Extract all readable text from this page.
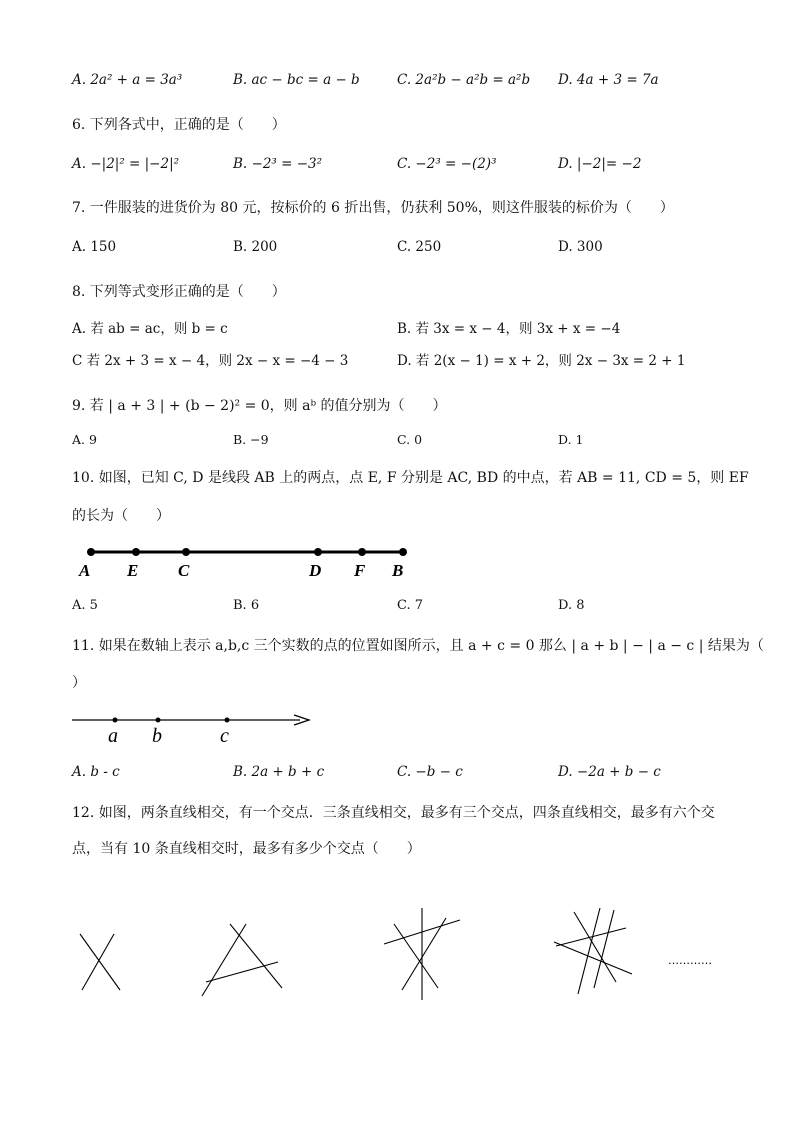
A. 2a² + a = 3a³	B. ac − bc = a − b	C. 2a²b − a²b = a²b D. 4a + 3 = 7a
6. 下列各式中，正确的是（　　）
A. −|2|² = |−2|²	B. −2³ = −3²	C. −2³ = −(2)³	D. |−2|= −2
7. 一件服装的进货价为 80 元，按标价的 6 折出售，仍获利 50%，则这件服装的标价为（　　）
A. 150	B. 200	C. 250	D. 300
8. 下列等式变形正确的是（　　）
A. 若 ab = ac，则 b = c	B. 若 3x = x − 4，则 3x + x = −4
C 若 2x + 3 = x − 4，则 2x − x = −4 − 3	D. 若 2(x − 1) = x + 2，则 2x − 3x = 2 + 1
9. 若 | a + 3 | + (b − 2)² = 0，则 aᵇ 的值分别为（　　）
A. 9	B. −9	C. 0	D. 1
10. 如图，已知 C, D 是线段 AB 上的两点，点 E, F 分别是 AC, BD 的中点，若 AB = 11, CD = 5，则 EF
的长为（　　）
A E C	D F B
a b	c
…………
A. 5	B. 6	C. 7	D. 8
11. 如果在数轴上表示 a,b,c 三个实数的点的位置如图所示，且 a + c = 0 那么 | a + b | − | a − c | 结果为（
）
A. b - c	B. 2a + b + c	C. −b − c	D. −2a + b − c
12. 如图，两条直线相交，有一个交点．三条直线相交，最多有三个交点，四条直线相交，最多有六个交
点，当有 10 条直线相交时，最多有多少个交点（　　）
